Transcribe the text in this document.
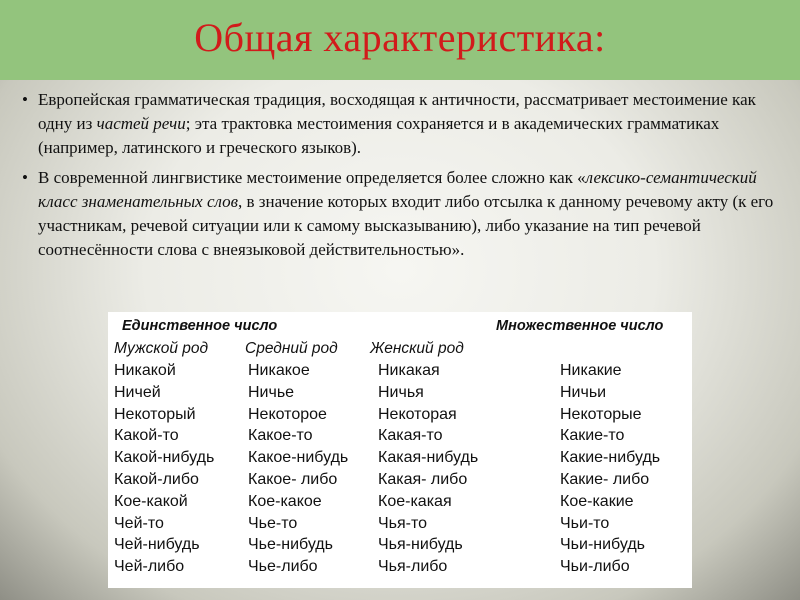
Общая характеристика:
• Европейская грамматическая традиция, восходящая к античности, рассматривает местоимение как одну из частей речи; эта трактовка местоимения сохраняется и в академических грамматиках (например, латинского и греческого языков).
• В современной лингвистике местоимение определяется более сложно как «лексико-семантический класс знаменательных слов, в значение которых входит либо отсылка к данному речевому акту (к его участникам, речевой ситуации или к самому высказыванию), либо указание на тип речевой соотнесённости слова с внеязыковой действительностью».
Единственное число	Множественное число
Мужской род Средний род Женский род
Никакой	Никакое	Никакая	Никакие
Ничей	Ничье	Ничья	Ничьи
Некоторый	Некоторое	Некоторая	Некоторые
Какой-то	Какое-то	Какая-то	Какие-то
Какой-нибудь Какое-нибудь Какая-нибудь	Какие-нибудь
Какой-либо	Какое- либо	Какая- либо	Какие- либо
Кое-какой	Кое-какое	Кое-какая	Кое-какие
Чей-то	Чье-то	Чья-то	Чьи-то
Чей-нибудь	Чье-нибудь	Чья-нибудь	Чьи-нибудь
Чей-либо	Чье-либо	Чья-либо	Чьи-либо
